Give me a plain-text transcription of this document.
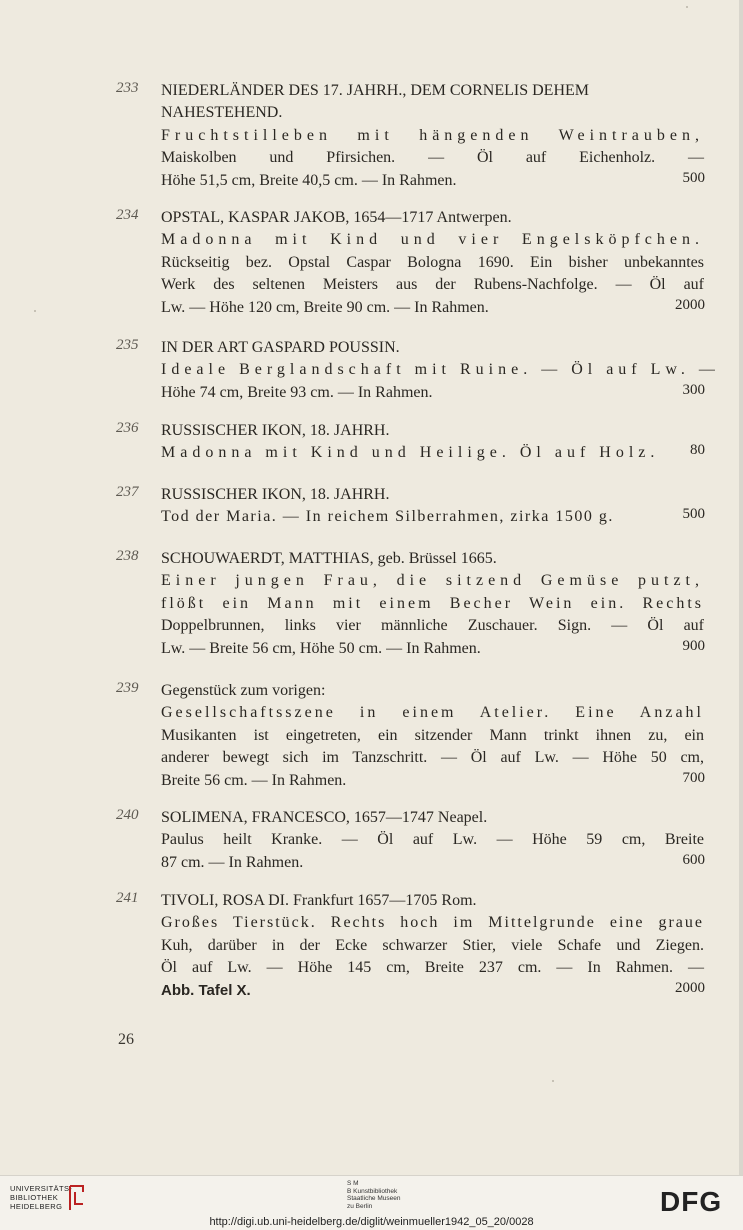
233 NIEDERLÄNDER DES 17. JAHRH., DEM CORNELIS DEHEM
NAHESTEHEND.
Fruchtstilleben mit hängenden Weintrauben,
Maiskolben und Pfirsichen. — Öl auf Eichenholz. —
Höhe 51,5 cm, Breite 40,5 cm. — In Rahmen.	500
234 OPSTAL, KASPAR JAKOB, 1654—1717 Antwerpen.
Madonna mit Kind und vier Engelsköpfchen.
Rückseitig bez. Opstal Caspar Bologna 1690. Ein bisher unbekanntes
Werk des seltenen Meisters aus der Rubens-Nachfolge. — Öl auf
Lw. — Höhe 120 cm, Breite 90 cm. — In Rahmen.	2000
235 IN DER ART GASPARD POUSSIN.
Ideale Berglandschaft mit Ruine. — Öl auf Lw. —
Höhe 74 cm, Breite 93 cm. — In Rahmen.	300
236 RUSSISCHER IKON, 18. JAHRH.
Madonna mit Kind und Heilige. Öl auf Holz.	80
237 RUSSISCHER IKON, 18. JAHRH.
Tod der Maria. — In reichem Silberrahmen, zirka 1500 g.	500
238 SCHOUWAERDT, MATTHIAS, geb. Brüssel 1665.
Einer jungen Frau, die sitzend Gemüse putzt,
flößt ein Mann mit einem Becher Wein ein. Rechts
Doppelbrunnen, links vier männliche Zuschauer. Sign. — Öl auf
Lw. — Breite 56 cm, Höhe 50 cm. — In Rahmen.	900
239 Gegenstück zum vorigen:
Gesellschaftsszene in einem Atelier. Eine Anzahl
Musikanten ist eingetreten, ein sitzender Mann trinkt ihnen zu, ein
anderer bewegt sich im Tanzschritt. — Öl auf Lw. — Höhe 50 cm,
Breite 56 cm. — In Rahmen.	700
240 SOLIMENA, FRANCESCO, 1657—1747 Neapel.
Paulus heilt Kranke. — Öl auf Lw. — Höhe 59 cm, Breite
87 cm. — In Rahmen.	600
241 TIVOLI, ROSA DI. Frankfurt 1657—1705 Rom.
Großes Tierstück. Rechts hoch im Mittelgrunde eine graue
Kuh, darüber in der Ecke schwarzer Stier, viele Schafe und Ziegen.
Öl auf Lw. — Höhe 145 cm, Breite 237 cm. — In Rahmen. —
Abb. Tafel X.	2000
26
UNIVERSITÄTS-
BIBLIOTHEK
HEIDELBERG
S M
B Kunstbibliothek
Staatliche Museen
zu Berlin	DFG
http://digi.ub.uni-heidelberg.de/diglit/weinmueller1942_05_20/0028
